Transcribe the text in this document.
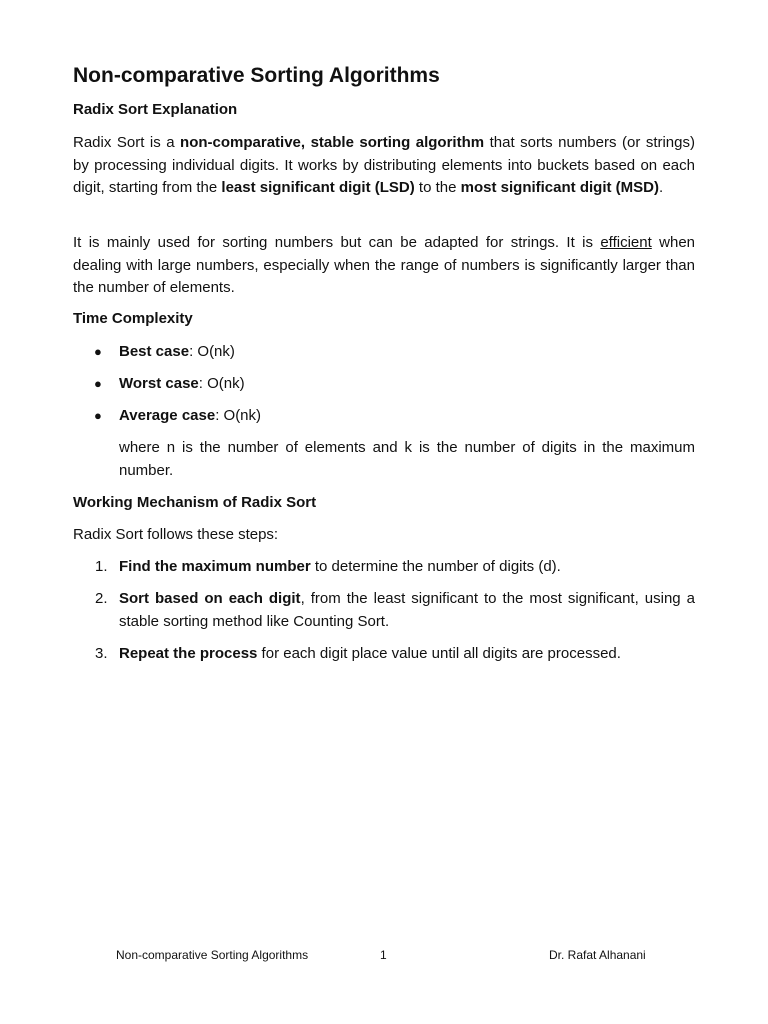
Non-comparative Sorting Algorithms
Radix Sort Explanation

Radix Sort is a non-comparative, stable sorting algorithm that sorts numbers (or strings) by processing individual digits. It works by distributing elements into buckets based on each digit, starting from the least significant digit (LSD) to the most significant digit (MSD).

It is mainly used for sorting numbers but can be adapted for strings. It is efficient when dealing with large numbers, especially when the range of numbers is significantly larger than the number of elements.

Time Complexity
● Best case: O(nk)
● Worst case: O(nk)
● Average case: O(nk)

where n is the number of elements and k is the number of digits in the maximum number.

Working Mechanism of Radix Sort

Radix Sort follows these steps:

1. Find the maximum number to determine the number of digits (d).
2. Sort based on each digit, from the least significant to the most significant, using a stable sorting method like Counting Sort.
3. Repeat the process for each digit place value until all digits are processed.
Non-comparative Sorting Algorithms	1	Dr. Rafat Alhanani
